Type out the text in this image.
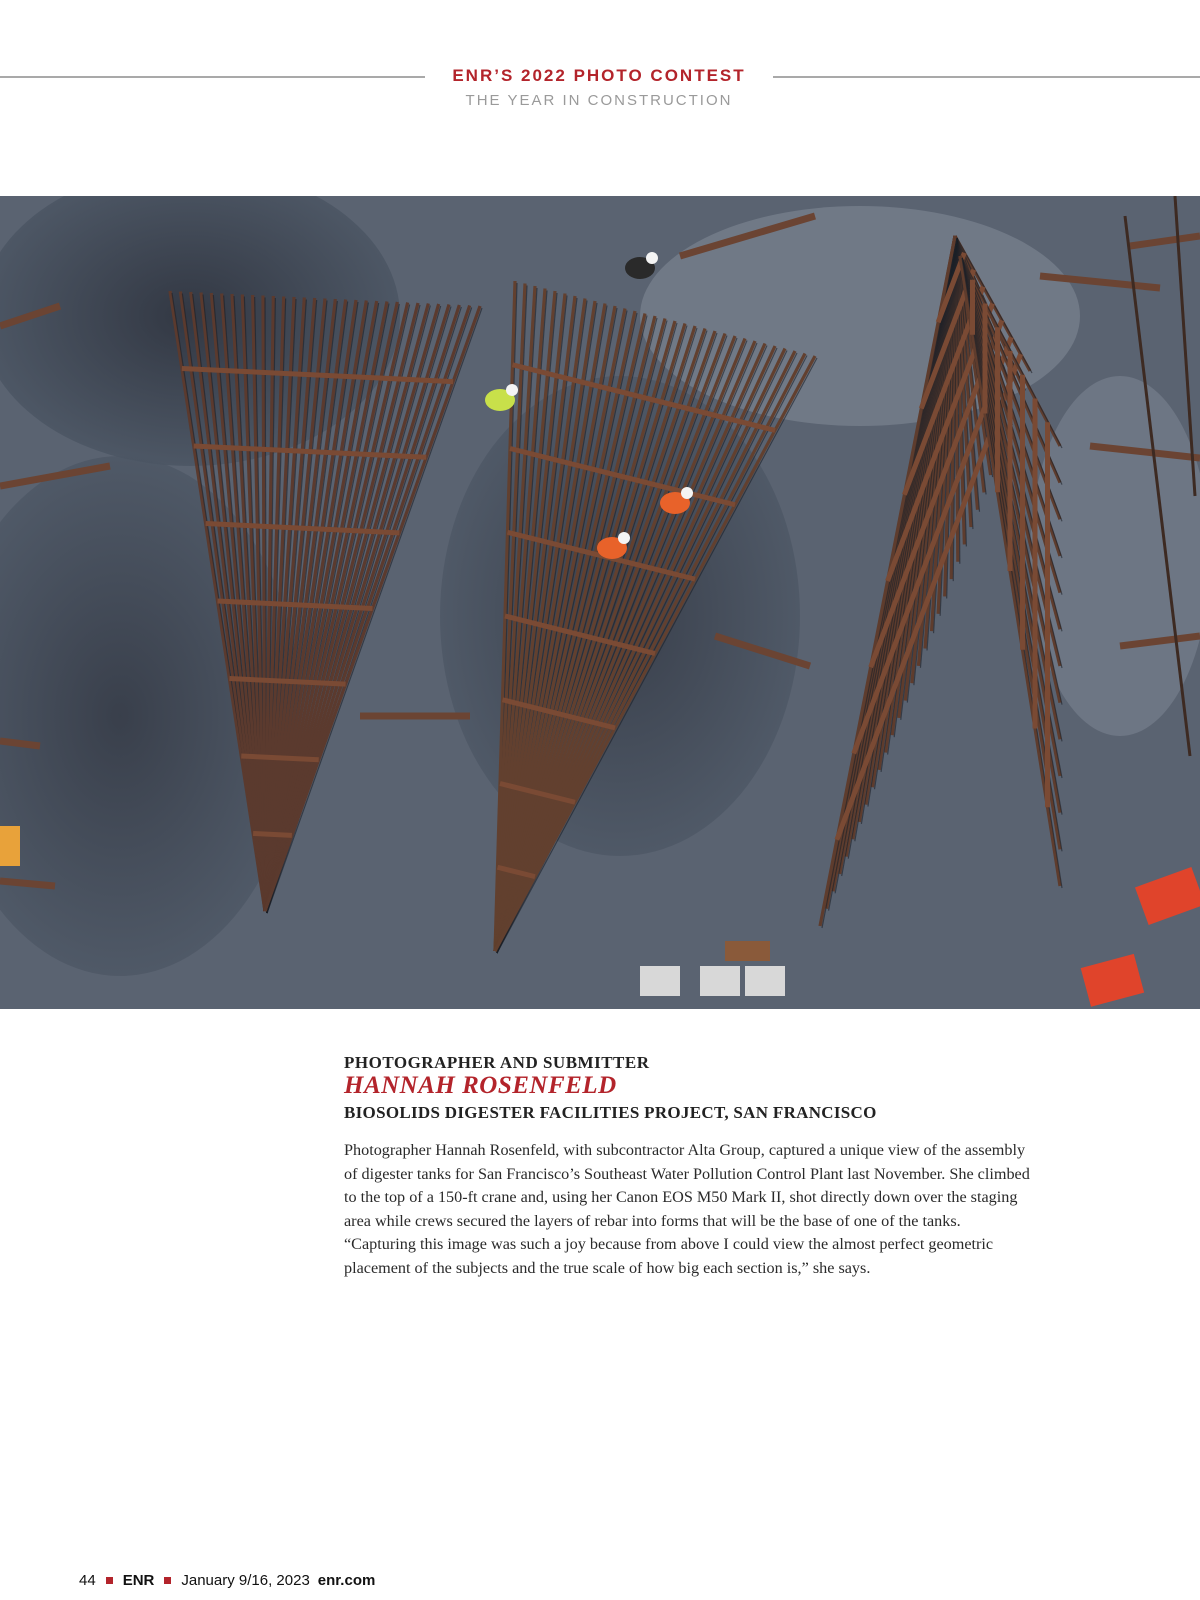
ENR’S 2022 PHOTO CONTEST
THE YEAR IN CONSTRUCTION
PHOTOGRAPHER AND SUBMITTER
HANNAH ROSENFELD
BIOSOLIDS DIGESTER FACILITIES PROJECT, SAN FRANCISCO
Photographer Hannah Rosenfeld, with subcontractor Alta Group, captured a unique view of the assembly of digester tanks for San Francisco’s Southeast Water Pollution Control Plant last November. She climbed to the top of a 150-ft crane and, using her Canon EOS M50 Mark II, shot directly down over the staging area while crews secured the layers of rebar into forms that will be the base of one of the tanks. “Capturing this image was such a joy because from above I could view the almost perfect geometric placement of the subjects and the true scale of how big each section is,” she says.
44 ENR January 9/16, 2023 enr.com
